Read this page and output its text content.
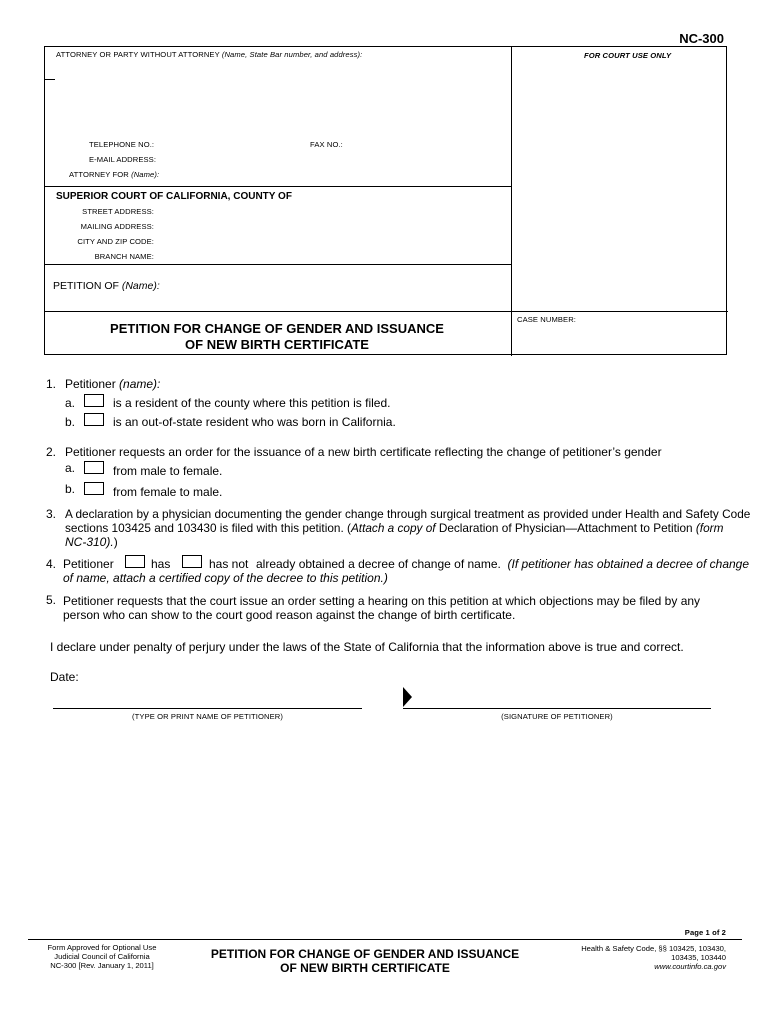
NC-300
ATTORNEY OR PARTY WITHOUT ATTORNEY (Name, State Bar number, and address):	FOR COURT USE ONLY
TELEPHONE NO.:	FAX NO.:
E-MAIL ADDRESS:
ATTORNEY FOR (Name):
SUPERIOR COURT OF CALIFORNIA, COUNTY OF
STREET ADDRESS:
MAILING ADDRESS:
CITY AND ZIP CODE:
BRANCH NAME:
PETITION OF (Name):
CASE NUMBER:
PETITION FOR CHANGE OF GENDER AND ISSUANCE
OF NEW BIRTH CERTIFICATE
1. Petitioner (name):
a.	is a resident of the county where this petition is filed.
b.	is an out-of-state resident who was born in California.
2. Petitioner requests an order for the issuance of a new birth certificate reflecting the change of petitioner’s gender
a.	from male to female.
b.	from female to male.
3. A declaration by a physician documenting the gender change through surgical treatment as provided under Health and Safety Code
sections 103425 and 103430 is filed with this petition. (Attach a copy of Declaration of Physician—Attachment to Petition (form
NC-310).)
4. Petitioner	has	has not already obtained a decree of change of name. (If petitioner has obtained a decree of change
of name, attach a certified copy of the decree to this petition.)
5. Petitioner requests that the court issue an order setting a hearing on this petition at which objections may be filed by any
person who can show to the court good reason against the change of birth certificate.
I declare under penalty of perjury under the laws of the State of California that the information above is true and correct.
Date:
(TYPE OR PRINT NAME OF PETITIONER)	(SIGNATURE OF PETITIONER)
Page 1 of 2
Form Approved for Optional Use
Judicial Council of California
NC-300 [Rev. January 1, 2011]
PETITION FOR CHANGE OF GENDER AND ISSUANCE
OF NEW BIRTH CERTIFICATE
Health & Safety Code, §§ 103425, 103430,
103435, 103440
www.courtinfo.ca.gov
